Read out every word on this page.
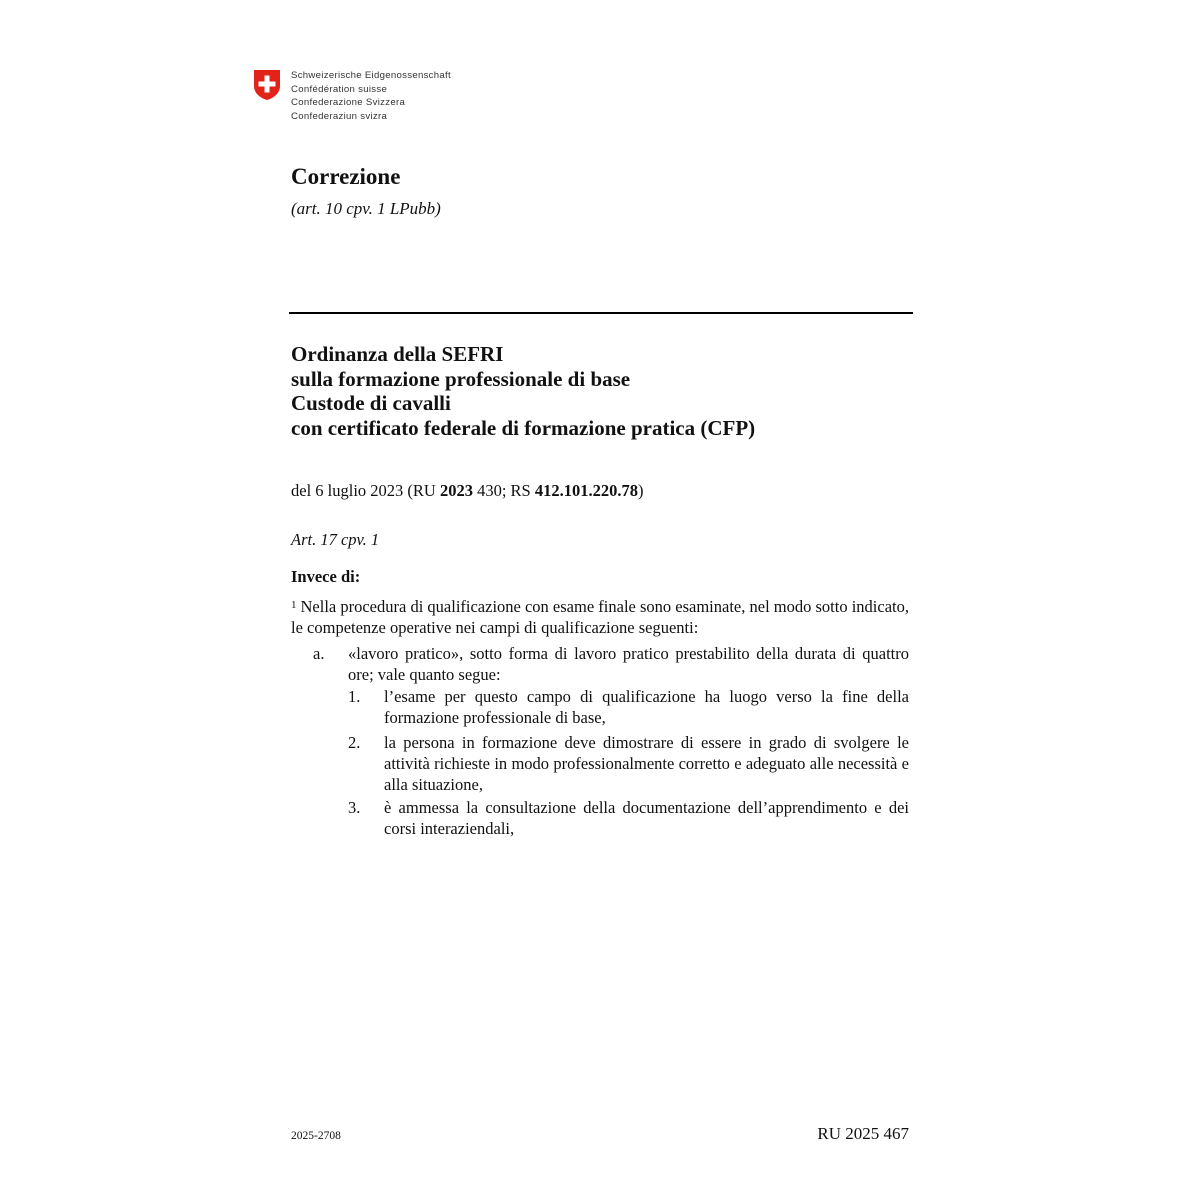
Schweizerische Eidgenossenschaft
Confédération suisse
Confederazione Svizzera
Confederaziun svizra
Correzione
(art. 10 cpv. 1 LPubb)
Ordinanza della SEFRI
sulla formazione professionale di base
Custode di cavalli
con certificato federale di formazione pratica (CFP)
del 6 luglio 2023 (RU 2023 430; RS 412.101.220.78)
Art. 17 cpv. 1
Invece di:
$^1$ Nella procedura di qualificazione con esame finale sono esaminate, nel modo sotto indicato, le competenze operative nei campi di qualificazione seguenti:
a. «lavoro pratico», sotto forma di lavoro pratico prestabilito della durata di quattro ore; vale quanto segue:
1. l’esame per questo campo di qualificazione ha luogo verso la fine della formazione professionale di base,
2. la persona in formazione deve dimostrare di essere in grado di svolgere le attività richieste in modo professionalmente corretto e adeguato alle necessità e alla situazione,
3. è ammessa la consultazione della documentazione dell’apprendimento e dei corsi interaziendali,
2025-2708	RU 2025 467
